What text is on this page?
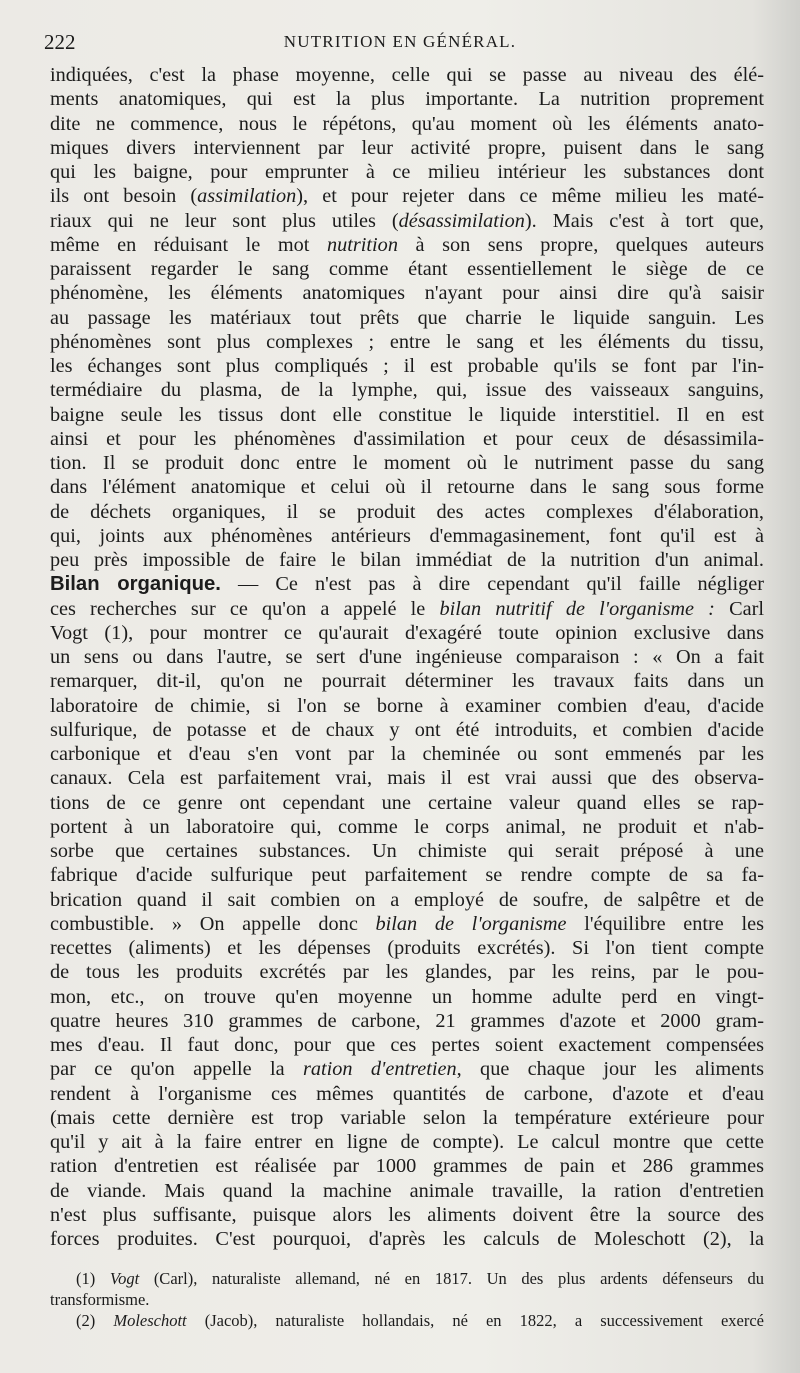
222	NUTRITION EN GÉNÉRAL.
indiquées, c'est la phase moyenne, celle qui se passe au niveau des élé-
ments anatomiques, qui est la plus importante. La nutrition proprement
dite ne commence, nous le répétons, qu'au moment où les éléments anato-
miques divers interviennent par leur activité propre, puisent dans le sang
qui les baigne, pour emprunter à ce milieu intérieur les substances dont
ils ont besoin (assimilation), et pour rejeter dans ce même milieu les maté-
riaux qui ne leur sont plus utiles (désassimilation). Mais c'est à tort que,
même en réduisant le mot nutrition à son sens propre, quelques auteurs
paraissent regarder le sang comme étant essentiellement le siège de ce
phénomène, les éléments anatomiques n'ayant pour ainsi dire qu'à saisir
au passage les matériaux tout prêts que charrie le liquide sanguin. Les
phénomènes sont plus complexes ; entre le sang et les éléments du tissu,
les échanges sont plus compliqués ; il est probable qu'ils se font par l'in-
termédiaire du plasma, de la lymphe, qui, issue des vaisseaux sanguins,
baigne seule les tissus dont elle constitue le liquide interstitiel. Il en est
ainsi et pour les phénomènes d'assimilation et pour ceux de désassimila-
tion. Il se produit donc entre le moment où le nutriment passe du sang
dans l'élément anatomique et celui où il retourne dans le sang sous forme
de déchets organiques, il se produit des actes complexes d'élaboration,
qui, joints aux phénomènes antérieurs d'emmagasinement, font qu'il est à
peu près impossible de faire le bilan immédiat de la nutrition d'un animal.
Bilan organique. — Ce n'est pas à dire cependant qu'il faille négliger
ces recherches sur ce qu'on a appelé le bilan nutritif de l'organisme : Carl
Vogt (1), pour montrer ce qu'aurait d'exagéré toute opinion exclusive dans
un sens ou dans l'autre, se sert d'une ingénieuse comparaison : « On a fait
remarquer, dit-il, qu'on ne pourrait déterminer les travaux faits dans un
laboratoire de chimie, si l'on se borne à examiner combien d'eau, d'acide
sulfurique, de potasse et de chaux y ont été introduits, et combien d'acide
carbonique et d'eau s'en vont par la cheminée ou sont emmenés par les
canaux. Cela est parfaitement vrai, mais il est vrai aussi que des observa-
tions de ce genre ont cependant une certaine valeur quand elles se rap-
portent à un laboratoire qui, comme le corps animal, ne produit et n'ab-
sorbe que certaines substances. Un chimiste qui serait préposé à une
fabrique d'acide sulfurique peut parfaitement se rendre compte de sa fa-
brication quand il sait combien on a employé de soufre, de salpêtre et de
combustible. » On appelle donc bilan de l'organisme l'équilibre entre les
recettes (aliments) et les dépenses (produits excrétés). Si l'on tient compte
de tous les produits excrétés par les glandes, par les reins, par le pou-
mon, etc., on trouve qu'en moyenne un homme adulte perd en vingt-
quatre heures 310 grammes de carbone, 21 grammes d'azote et 2000 gram-
mes d'eau. Il faut donc, pour que ces pertes soient exactement compensées
par ce qu'on appelle la ration d'entretien, que chaque jour les aliments
rendent à l'organisme ces mêmes quantités de carbone, d'azote et d'eau
(mais cette dernière est trop variable selon la température extérieure pour
qu'il y ait à la faire entrer en ligne de compte). Le calcul montre que cette
ration d'entretien est réalisée par 1000 grammes de pain et 286 grammes
de viande. Mais quand la machine animale travaille, la ration d'entretien
n'est plus suffisante, puisque alors les aliments doivent être la source des
forces produites. C'est pourquoi, d'après les calculs de Moleschott (2), la
(1) Vogt (Carl), naturaliste allemand, né en 1817. Un des plus ardents défenseurs du
transformisme.
(2) Moleschott (Jacob), naturaliste hollandais, né en 1822, a successivement exercé
